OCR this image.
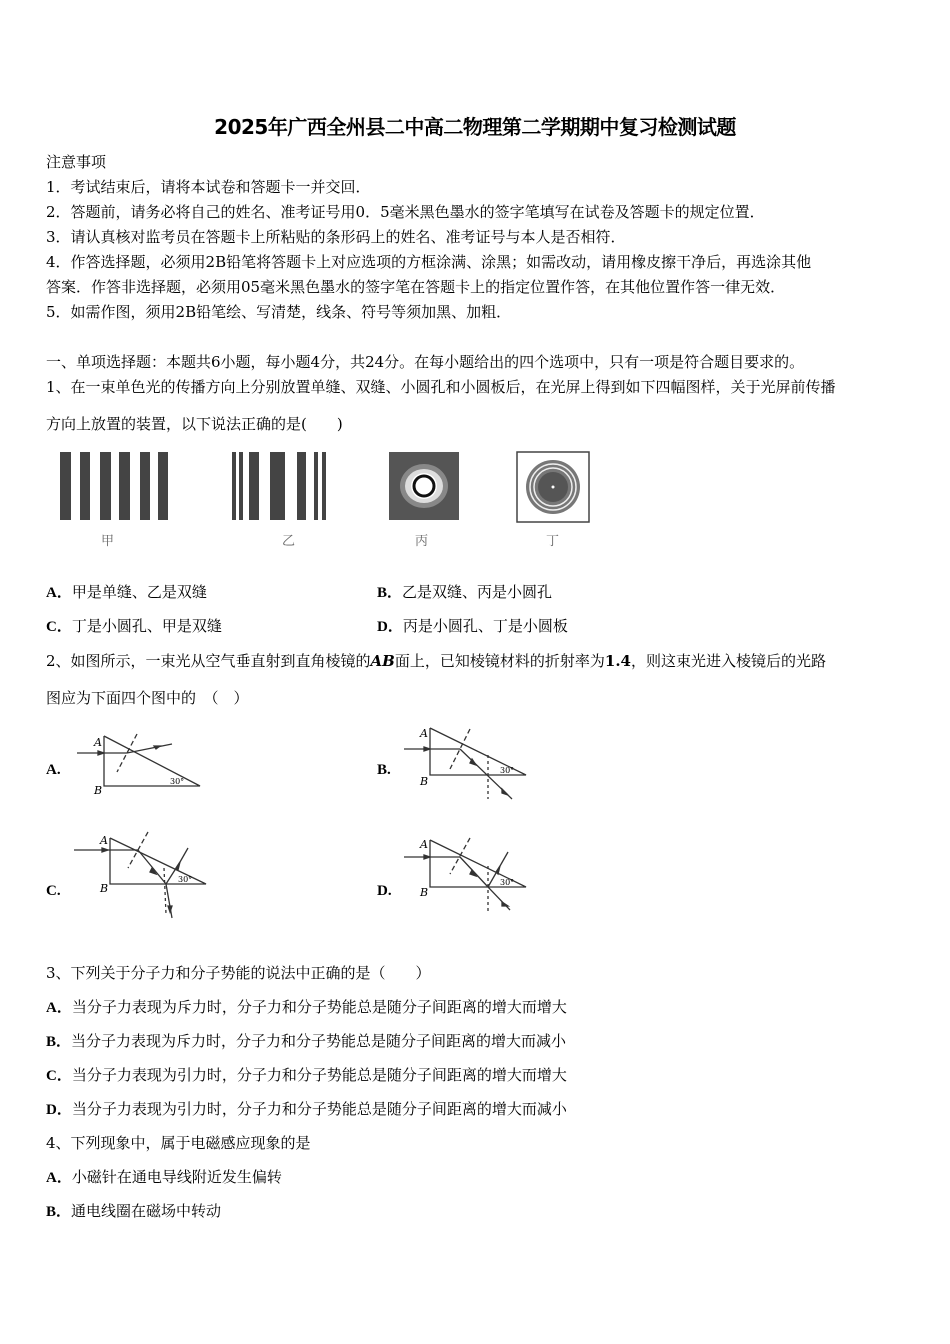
2025年广西全州县二中高二物理第二学期期中复习检测试题
注意事项
1．考试结束后，请将本试卷和答题卡一并交回．
2．答题前，请务必将自己的姓名、准考证号用0．5毫米黑色墨水的签字笔填写在试卷及答题卡的规定位置．
3．请认真核对监考员在答题卡上所粘贴的条形码上的姓名、准考证号与本人是否相符．
4．作答选择题，必须用2B铅笔将答题卡上对应选项的方框涂满、涂黑；如需改动，请用橡皮擦干净后，再选涂其他
答案．作答非选择题，必须用05毫米黑色墨水的签字笔在答题卡上的指定位置作答，在其他位置作答一律无效．
5．如需作图，须用2B铅笔绘、写清楚，线条、符号等须加黑、加粗．
一、单项选择题：本题共6小题，每小题4分，共24分。在每小题给出的四个选项中，只有一项是符合题目要求的。
1、在一束单色光的传播方向上分别放置单缝、双缝、小圆孔和小圆板后，在光屏上得到如下四幅图样，关于光屏前传播
方向上放置的装置，以下说法正确的是(　　)
甲	乙	丙	丁
A．甲是单缝、乙是双缝	B．乙是双缝、丙是小圆孔
C．丁是小圆孔、甲是双缝	D．丙是小圆孔、丁是小圆板
2、如图所示，一束光从空气垂直射到直角棱镜的AB面上，已知棱镜材料的折射率为1.4，则这束光进入棱镜后的光路
图应为下面四个图中的　（　）
A.
A
B
30°
B.
A
B
30°
C.
A
B
30°
D.
A
B
30°
3、下列关于分子力和分子势能的说法中正确的是（　　）
A．当分子力表现为斥力时，分子力和分子势能总是随分子间距离的增大而增大
B．当分子力表现为斥力时，分子力和分子势能总是随分子间距离的增大而减小
C．当分子力表现为引力时，分子力和分子势能总是随分子间距离的增大而增大
D．当分子力表现为引力时，分子力和分子势能总是随分子间距离的增大而减小
4、下列现象中，属于电磁感应现象的是
A．小磁针在通电导线附近发生偏转
B．通电线圈在磁场中转动
